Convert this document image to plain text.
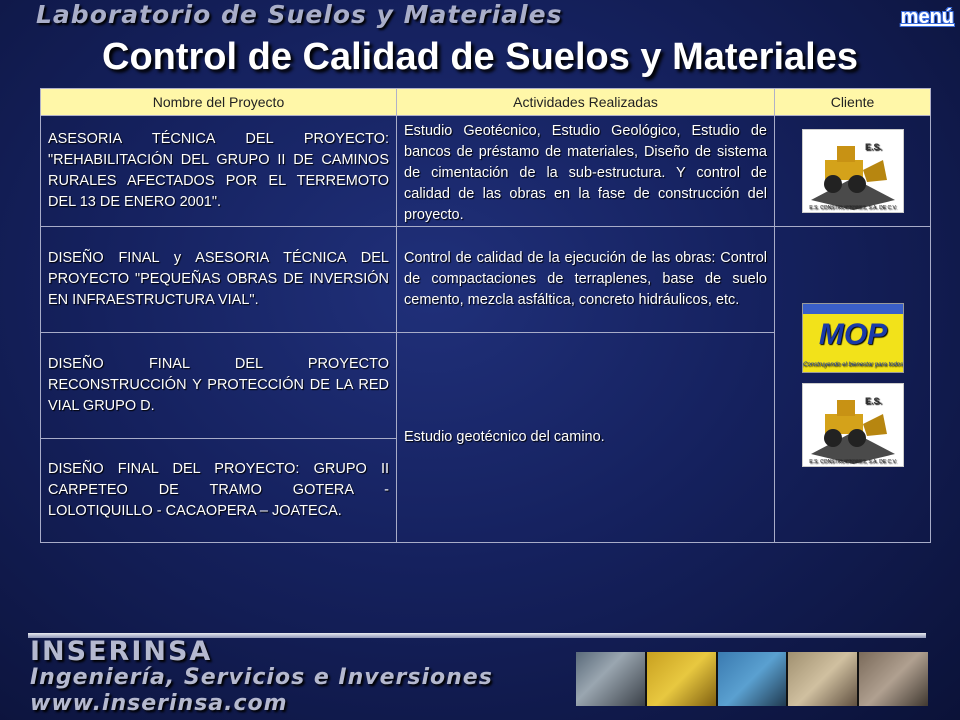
Laboratorio de Suelos y Materiales	menú
Control de Calidad de Suelos y Materiales
Nombre del Proyecto	Actividades Realizadas	Cliente
ASESORIA TÉCNICA DEL PROYECTO: "REHABILITACIÓN DEL GRUPO II DE CAMINOS RURALES AFECTADOS POR EL TERREMOTO DEL 13 DE ENERO 2001".	Estudio Geotécnico, Estudio Geológico, Estudio de bancos de préstamo de materiales, Diseño de sistema de cimentación de la sub-estructura. Y control de calidad de las obras en la fase de construcción del proyecto.	E.S.
E.S. CONSTRUCTORES, S.A. DE C.V.

DISEÑO FINAL y ASESORIA TÉCNICA DEL PROYECTO "PEQUEÑAS OBRAS DE INVERSIÓN EN INFRAESTRUCTURA VIAL".	Control de calidad de la ejecución de las obras: Control de compactaciones de terraplenes, base de suelo cemento, mezcla asfáltica, concreto hidráulicos, etc.	MOP
¡Construyendo el bienestar para todos!
E.S.
E.S. CONSTRUCTORES, S.A. DE C.V.

DISEÑO FINAL DEL PROYECTO RECONSTRUCCIÓN Y PROTECCIÓN DE LA RED VIAL GRUPO D.	Estudio geotécnico del camino.	
DISEÑO FINAL DEL PROYECTO: GRUPO II CARPETEO DE TRAMO GOTERA - LOLOTIQUILLO - CACAOPERA – JOATECA.		
INSERINSA
Ingeniería, Servicios e Inversiones
www.inserinsa.com
